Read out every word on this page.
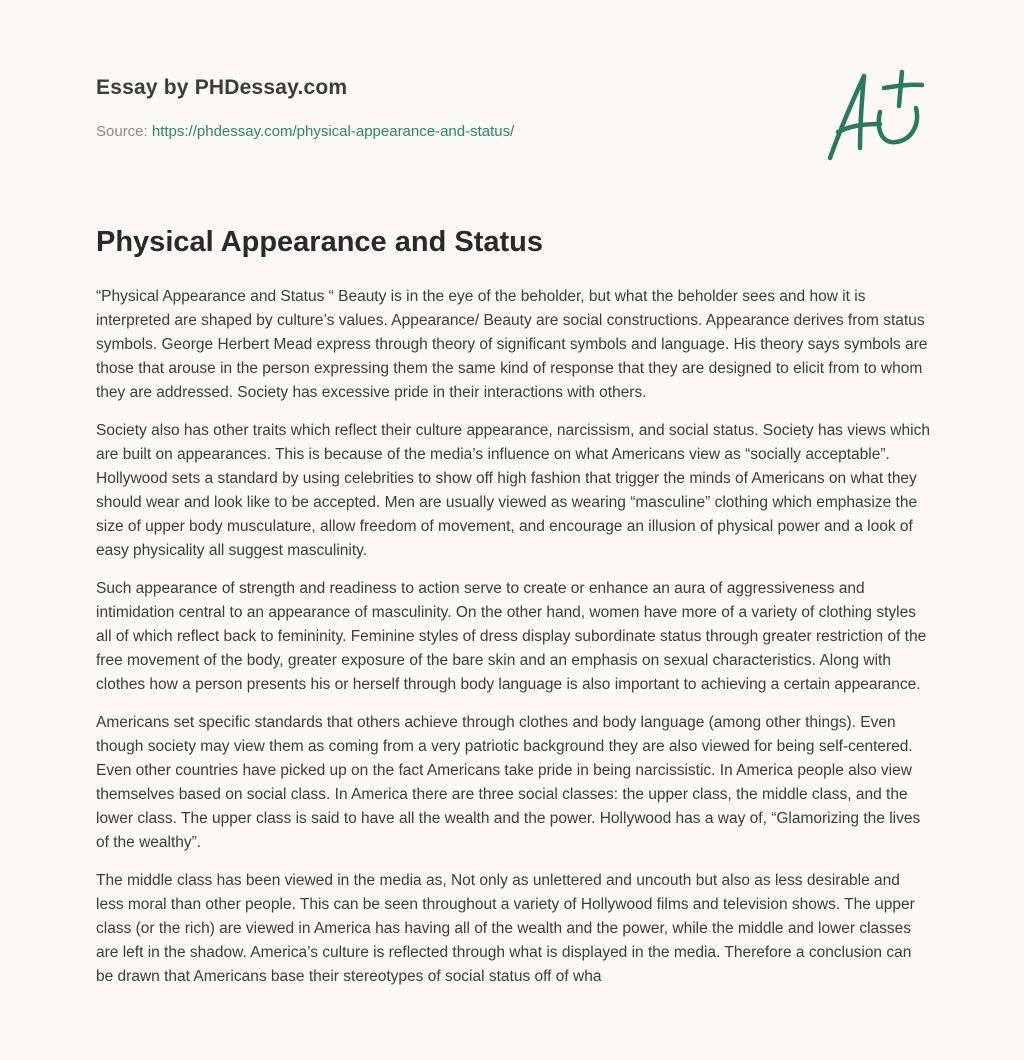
Essay by PHDessay.com
Source: https://phdessay.com/physical-appearance-and-status/
Physical Appearance and Status

“Physical Appearance and Status “ Beauty is in the eye of the beholder, but what the beholder sees and how it is interpreted are shaped by culture’s values. Appearance/ Beauty are social constructions. Appearance derives from status symbols. George Herbert Mead express through theory of significant symbols and language. His theory says symbols are those that arouse in the person expressing them the same kind of response that they are designed to elicit from to whom they are addressed. Society has excessive pride in their interactions with others.

Society also has other traits which reflect their culture appearance, narcissism, and social status. Society has views which are built on appearances. This is because of the media’s influence on what Americans view as “socially acceptable”. Hollywood sets a standard by using celebrities to show off high fashion that trigger the minds of Americans on what they should wear and look like to be accepted. Men are usually viewed as wearing “masculine” clothing which emphasize the size of upper body musculature, allow freedom of movement, and encourage an illusion of physical power and a look of easy physicality all suggest masculinity.

Such appearance of strength and readiness to action serve to create or enhance an aura of aggressiveness and intimidation central to an appearance of masculinity. On the other hand, women have more of a variety of clothing styles all of which reflect back to femininity. Feminine styles of dress display subordinate status through greater restriction of the free movement of the body, greater exposure of the bare skin and an emphasis on sexual characteristics. Along with clothes how a person presents his or herself through body language is also important to achieving a certain appearance.

Americans set specific standards that others achieve through clothes and body language (among other things). Even though society may view them as coming from a very patriotic background they are also viewed for being self-centered. Even other countries have picked up on the fact Americans take pride in being narcissistic. In America people also view themselves based on social class. In America there are three social classes: the upper class, the middle class, and the lower class. The upper class is said to have all the wealth and the power. Hollywood has a way of, “Glamorizing the lives of the wealthy”.

The middle class has been viewed in the media as, Not only as unlettered and uncouth but also as less desirable and less moral than other people. This can be seen throughout a variety of Hollywood films and television shows. The upper class (or the rich) are viewed in America has having all of the wealth and the power, while the middle and lower classes are left in the shadow. America’s culture is reflected through what is displayed in the media. Therefore a conclusion can be drawn that Americans base their stereotypes of social status off of wha
